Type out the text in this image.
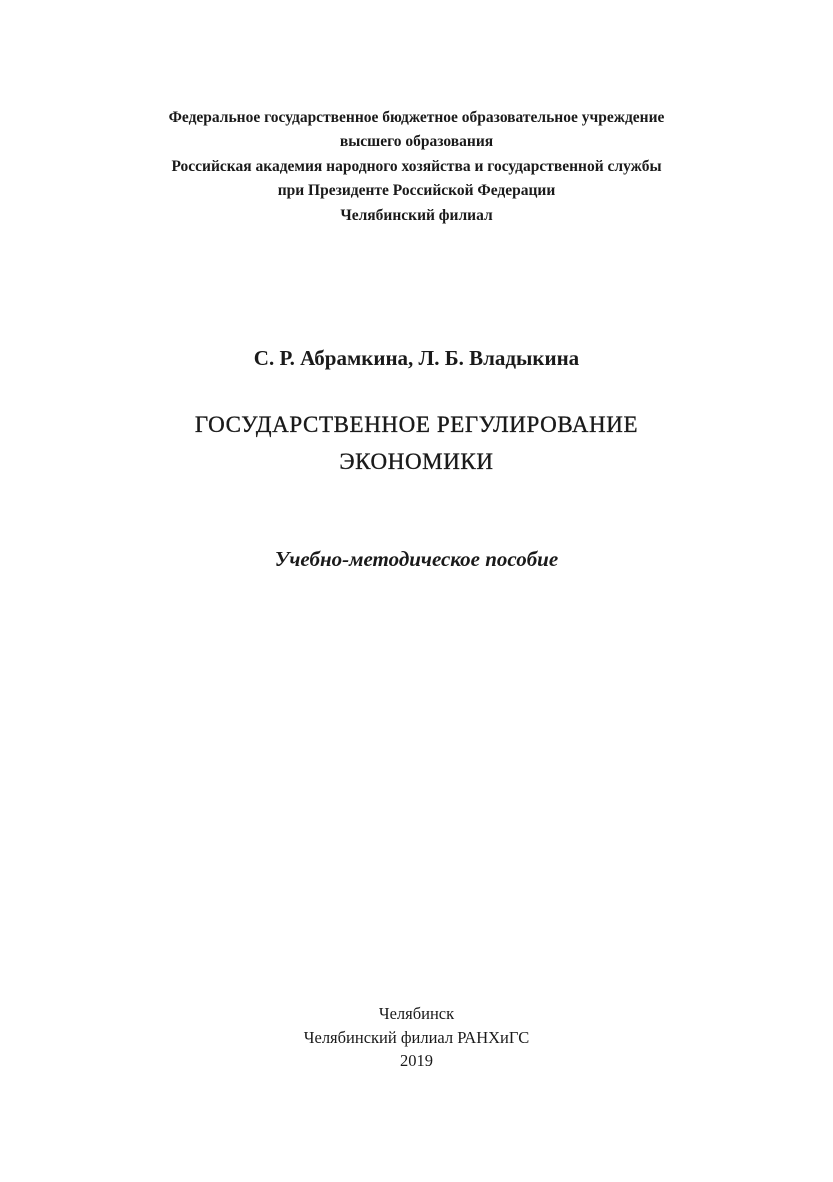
Федеральное государственное бюджетное образовательное учреждение
высшего образования
Российская академия народного хозяйства и государственной службы
при Президенте Российской Федерации
Челябинский филиал
С. Р. Абрамкина, Л. Б. Владыкина
ГОСУДАРСТВЕННОЕ РЕГУЛИРОВАНИЕ
ЭКОНОМИКИ
Учебно-методическое пособие
Челябинск
Челябинский филиал РАНХиГС
2019
